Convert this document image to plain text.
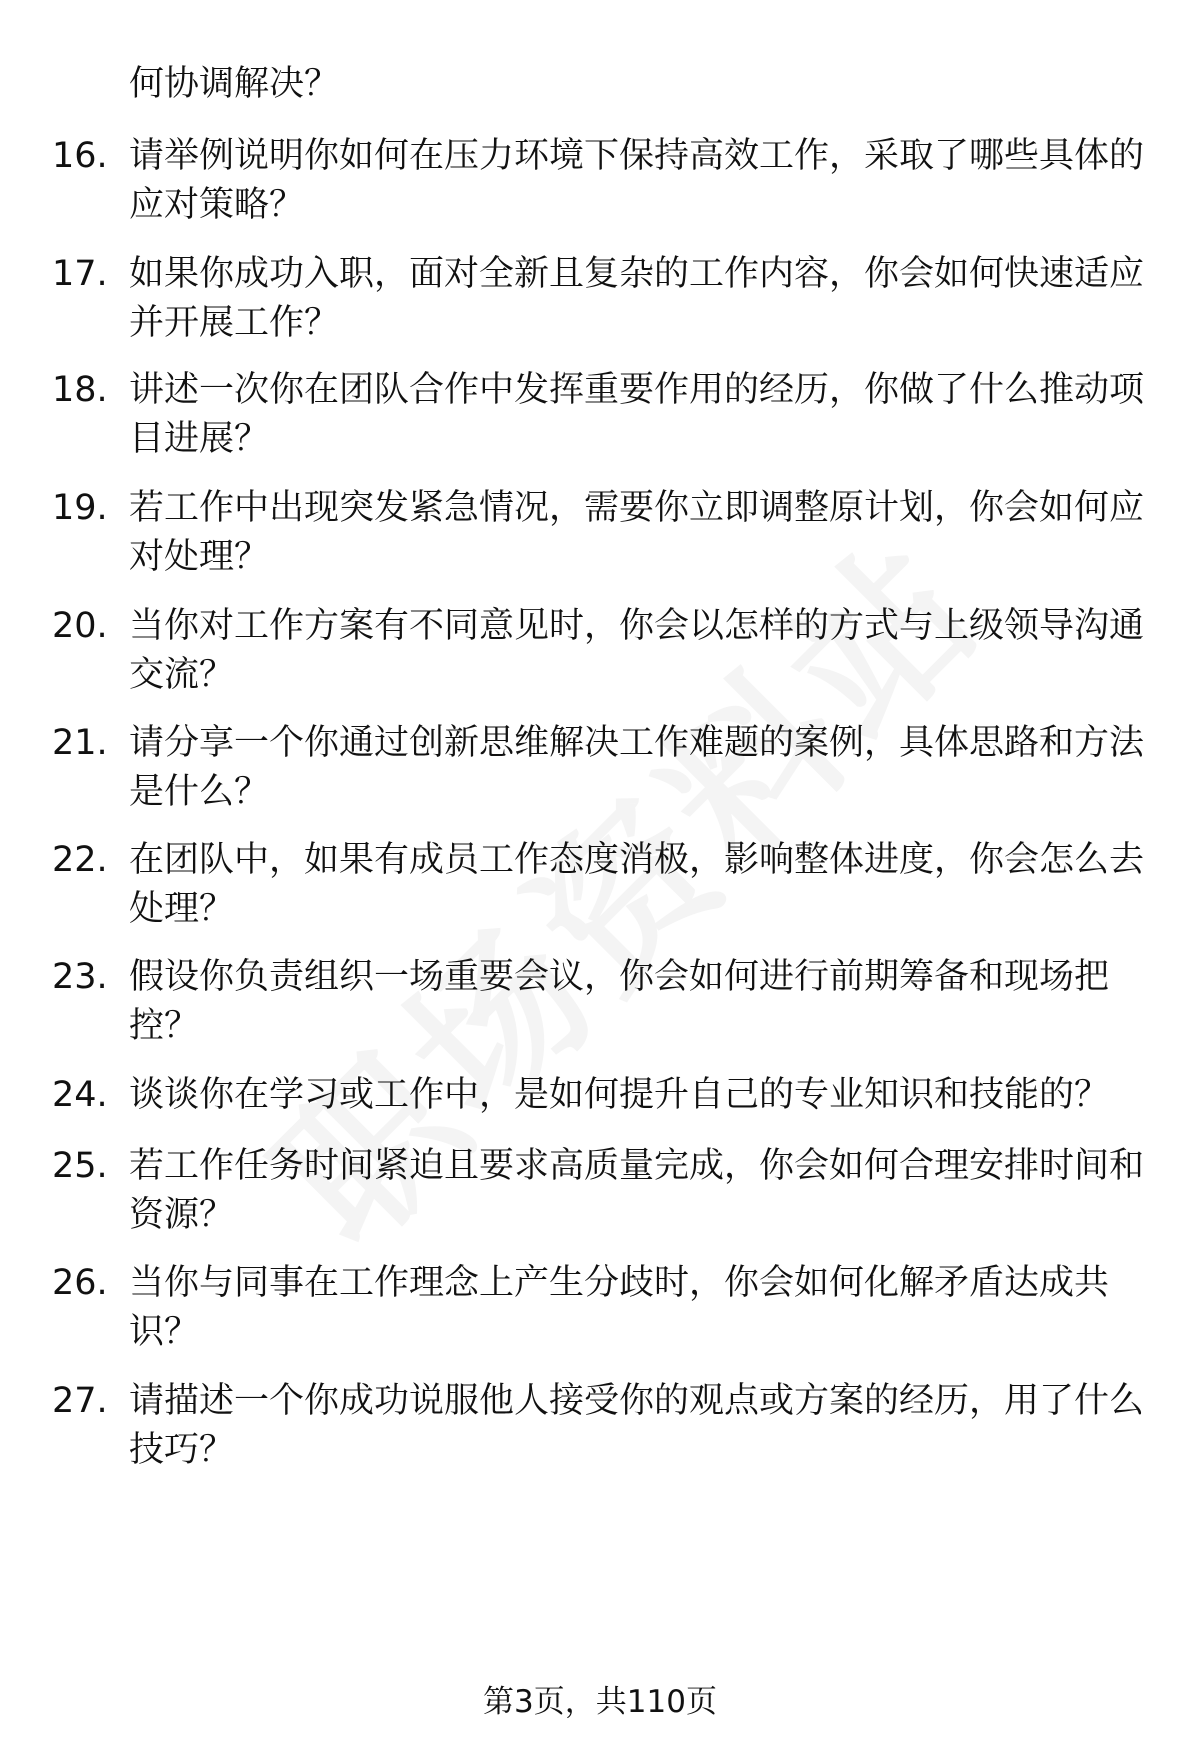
何协调解决？

16. 请举例说明你如何在压力环境下保持高效工作，采取了哪些具体的应对策略？
17. 如果你成功入职，面对全新且复杂的工作内容，你会如何快速适应并开展工作？
18. 讲述一次你在团队合作中发挥重要作用的经历，你做了什么推动项目进展？
19. 若工作中出现突发紧急情况，需要你立即调整原计划，你会如何应对处理？
20. 当你对工作方案有不同意见时，你会以怎样的方式与上级领导沟通交流？
21. 请分享一个你通过创新思维解决工作难题的案例，具体思路和方法是什么？
22. 在团队中，如果有成员工作态度消极，影响整体进度，你会怎么去处理？
23. 假设你负责组织一场重要会议，你会如何进行前期筹备和现场把控？
24. 谈谈你在学习或工作中，是如何提升自己的专业知识和技能的？
25. 若工作任务时间紧迫且要求高质量完成，你会如何合理安排时间和资源？
26. 当你与同事在工作理念上产生分歧时，你会如何化解矛盾达成共识？
27. 请描述一个你成功说服他人接受你的观点或方案的经历，用了什么技巧？
第3页，共110页
